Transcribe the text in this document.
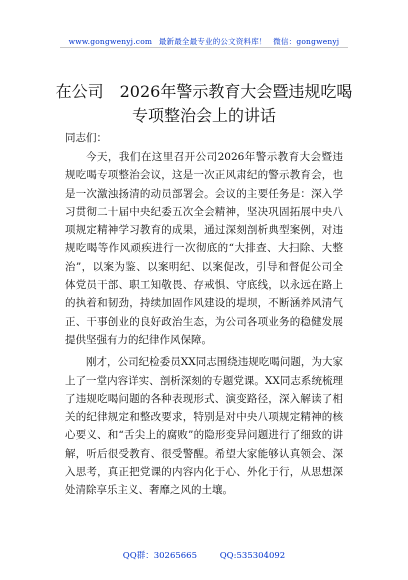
www.gongwenyj.com 最新最全最专业的公文资料库！ 微信：gongwenyj
在公司　2026年警示教育大会暨违规吃喝专项整治会上的讲话
同志们：

今天，我们在这里召开公司2026年警示教育大会暨违规吃喝专项整治会议，这是一次正风肃纪的警示教育会，也是一次激浊扬清的动员部署会。会议的主要任务是：深入学习贯彻二十届中央纪委五次全会精神，坚决巩固拓展中央八项规定精神学习教育的成果，通过深刻剖析典型案例，对违规吃喝等作风顽疾进行一次彻底的“大排查、大扫除、大整治”，以案为鉴、以案明纪、以案促改，引导和督促公司全体党员干部、职工知敬畏、存戒惧、守底线，以永远在路上的执着和韧劲，持续加固作风建设的堤坝，不断涵养风清气正、干事创业的良好政治生态，为公司各项业务的稳健发展提供坚强有力的纪律作风保障。

刚才，公司纪检委员XX同志围绕违规吃喝问题，为大家上了一堂内容详实、剖析深刻的专题党课。XX同志系统梳理了违规吃喝问题的各种表现形式、演变路径，深入解读了相关的纪律规定和整改要求，特别是对中央八项规定精神的核心要义、和“舌尖上的腐败”的隐形变异问题进行了细致的讲解，听后很受教育、很受警醒。希望大家能够认真领会、深入思考，真正把党课的内容内化于心、外化于行，从思想深处清除享乐主义、奢靡之风的土壤。

QQ群：30265665	QQ:535304092
